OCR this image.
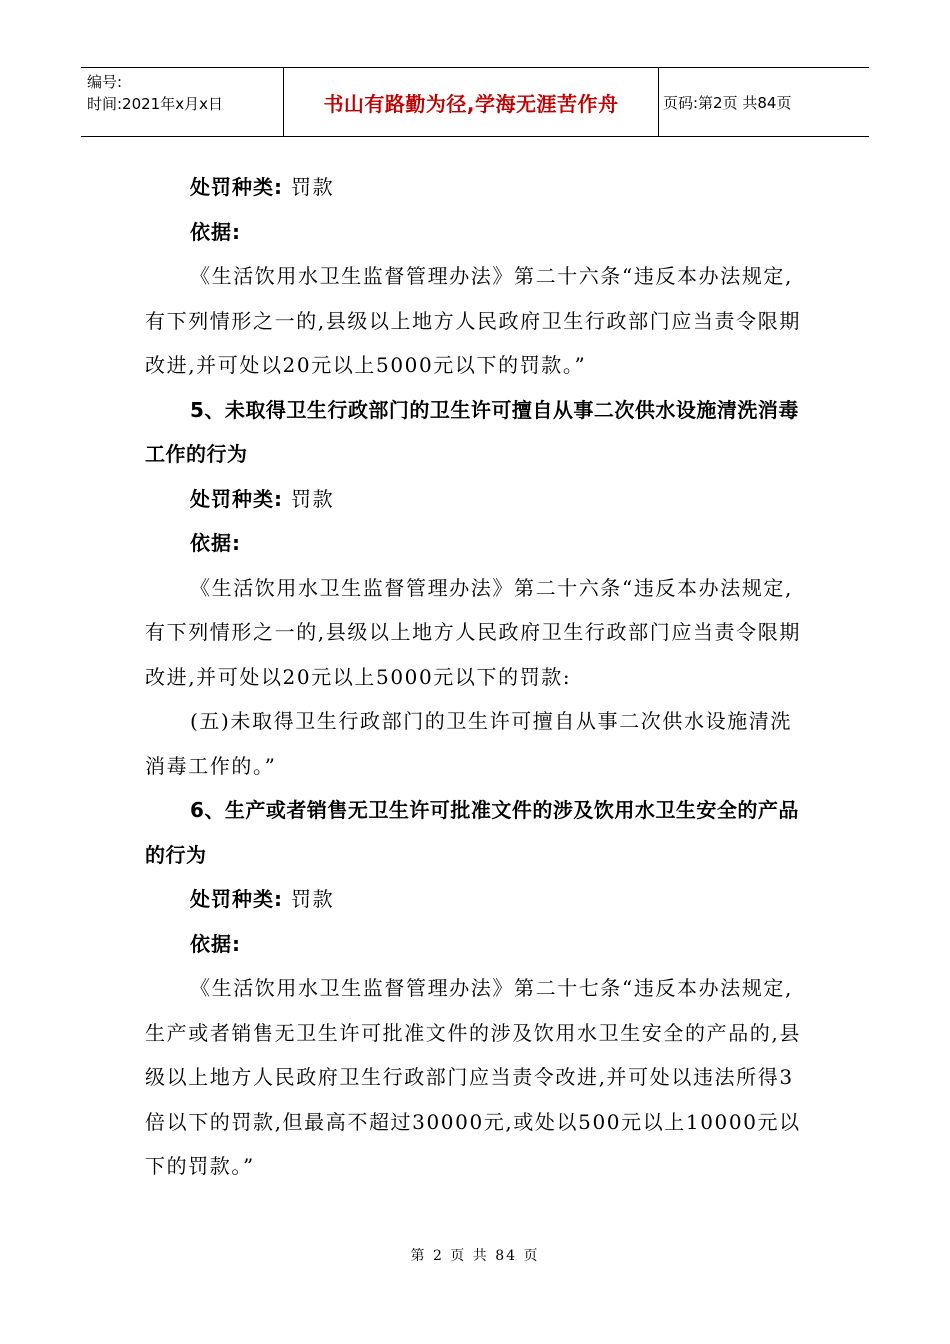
编号:
时间:2021年x月x日	书山有路勤为径,学海无涯苦作舟	页码:第2页 共84页

处罚种类: 罚款

依据:

《生活饮用水卫生监督管理办法》第二十六条“违反本办法规定,有下列情形之一的,县级以上地方人民政府卫生行政部门应当责令限期改进,并可处以20元以上5000元以下的罚款。”

5、未取得卫生行政部门的卫生许可擅自从事二次供水设施清洗消毒工作的行为

处罚种类: 罚款

依据:

《生活饮用水卫生监督管理办法》第二十六条“违反本办法规定,有下列情形之一的,县级以上地方人民政府卫生行政部门应当责令限期改进,并可处以20元以上5000元以下的罚款:

(五)未取得卫生行政部门的卫生许可擅自从事二次供水设施清洗消毒工作的。”

6、生产或者销售无卫生许可批准文件的涉及饮用水卫生安全的产品的行为

处罚种类: 罚款

依据:

《生活饮用水卫生监督管理办法》第二十七条“违反本办法规定,生产或者销售无卫生许可批准文件的涉及饮用水卫生安全的产品的,县级以上地方人民政府卫生行政部门应当责令改进,并可处以违法所得3倍以下的罚款,但最高不超过30000元,或处以500元以上10000元以下的罚款。”

第 2 页 共 84 页
